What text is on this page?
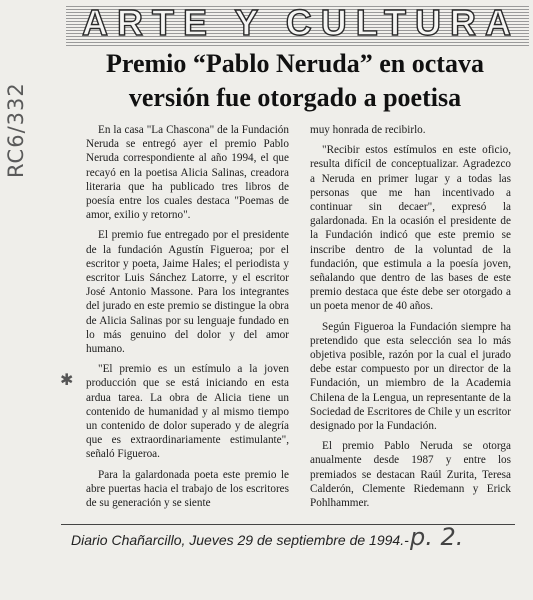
ARTE Y CULTURA
RC6/332
Premio “Pablo Neruda” en octava
versión fue otorgado a poetisa

En la casa "La Chascona" de la Fundación Neruda se entregó ayer el premio Pablo Neruda correspondiente al año 1994, el que recayó en la poetisa Alicia Salinas, creadora literaria que ha publicado tres libros de poesía entre los cuales destaca "Poemas de amor, exilio y retorno".

El premio fue entregado por el presidente de la fundación Agustín Figueroa; por el escritor y poeta, Jaime Hales; el periodista y escritor Luis Sánchez Latorre, y el escritor José Antonio Massone. Para los integrantes del jurado en este premio se distingue la obra de Alicia Salinas por su lenguaje fundado en lo más genuino del dolor y del amor humano.

"El premio es un estímulo a la joven producción que se está iniciando en esta ardua tarea. La obra de Alicia tiene un contenido de humanidad y al mismo tiempo un contenido de dolor superado y de alegría que es extraordinariamente estimulante", señaló Figueroa.

Para la galardonada poeta este premio le abre puertas hacia el trabajo de los escritores de su generación y se siente

muy honrada de recibirlo.

"Recibir estos estímulos en este oficio, resulta difícil de conceptualizar. Agradezco a Neruda en primer lugar y a todas las personas que me han incentivado a continuar sin decaer", expresó la galardonada. En la ocasión el presidente de la Fundación indicó que este premio se inscribe dentro de la voluntad de la fundación, que estimula a la poesía joven, señalando que dentro de las bases de este premio destaca que éste debe ser otorgado a un poeta menor de 40 años.

Según Figueroa la Fundación siempre ha pretendido que esta selección sea lo más objetiva posible, razón por la cual el jurado debe estar compuesto por un director de la Fundación, un miembro de la Academia Chilena de la Lengua, un representante de la Sociedad de Escritores de Chile y un escritor designado por la Fundación.

El premio Pablo Neruda se otorga anualmente desde 1987 y entre los premiados se destacan Raúl Zurita, Teresa Calderón, Clemente Riedemann y Erick Pohlhammer.

✱
Diario Chañarcillo, Jueves 29 de septiembre de 1994.- p. 2.
